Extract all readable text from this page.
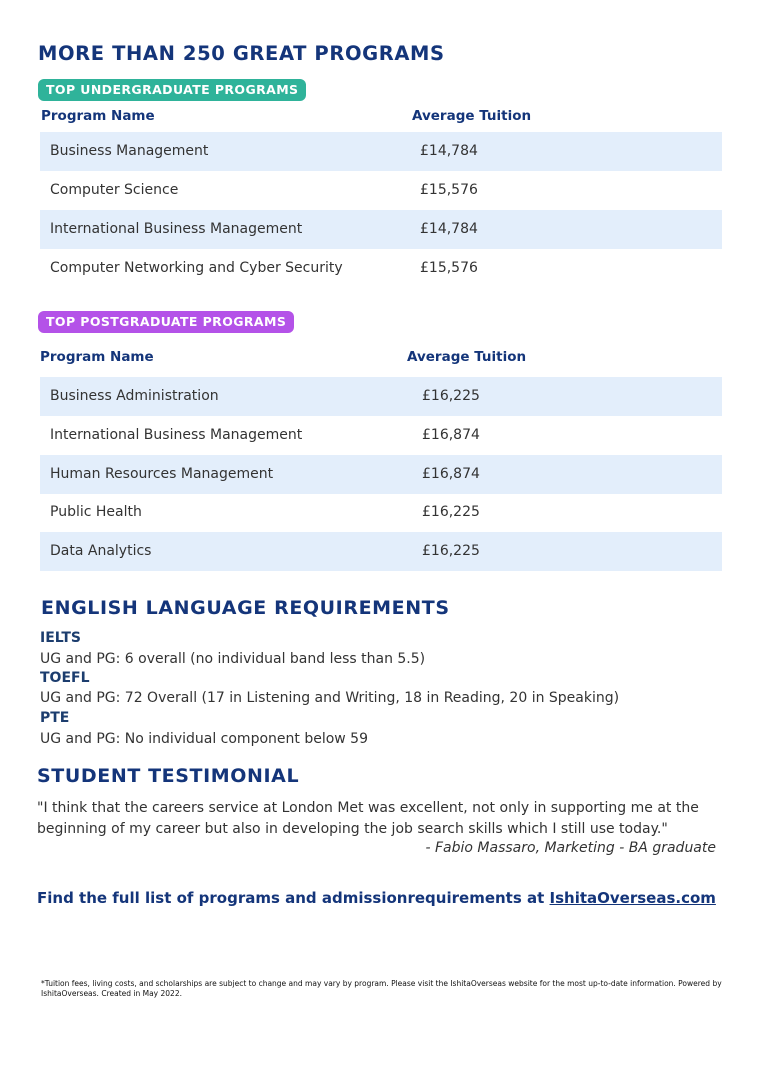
MORE THAN 250 GREAT PROGRAMS
TOP UNDERGRADUATE PROGRAMS
Program Name	Average Tuition
Business Management	£14,784
Computer Science	£15,576
International Business Management	£14,784
Computer Networking and Cyber Security	£15,576
TOP POSTGRADUATE PROGRAMS
Program Name	Average Tuition
Business Administration	£16,225
International Business Management	£16,874
Human Resources Management	£16,874
Public Health	£16,225
Data Analytics	£16,225
ENGLISH LANGUAGE REQUIREMENTS
IELTS
UG and PG: 6 overall (no individual band less than 5.5)
TOEFL
UG and PG: 72 Overall (17 in Listening and Writing, 18 in Reading, 20 in Speaking)
PTE
UG and PG: No individual component below 59
STUDENT TESTIMONIAL
"I think that the careers service at London Met was excellent, not only in supporting me at the beginning of my career but also in developing the job search skills which I still use today."
- Fabio Massaro, Marketing - BA graduate
Find the full list of programs and admissionrequirements at IshitaOverseas.com
*Tuition fees, living costs, and scholarships are subject to change and may vary by program. Please visit the IshitaOverseas website for the most up-to-date information. Powered by IshitaOverseas. Created in May 2022.
